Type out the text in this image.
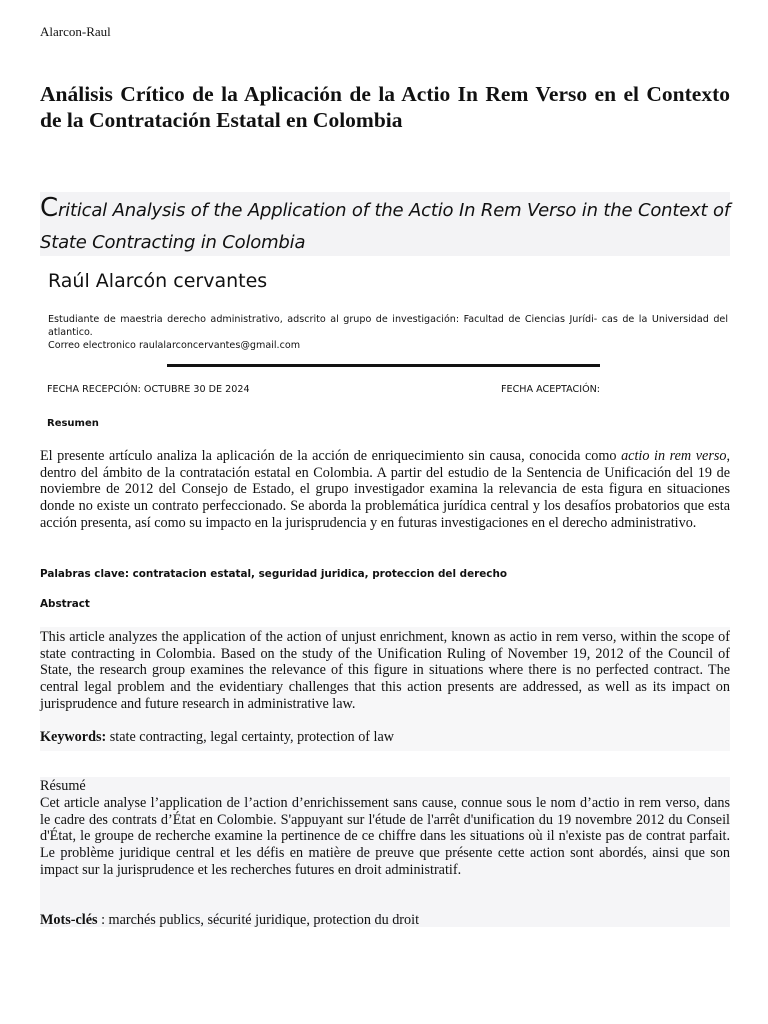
Alarcon-Raul
Análisis Crítico de la Aplicación de la Actio In Rem Verso en el Contexto de la Contratación Estatal en Colombia
Critical Analysis of the Application of the Actio In Rem Verso in the Context of State Contracting in Colombia
Raúl Alarcón cervantes
Estudiante de maestria derecho administrativo, adscrito al grupo de investigación: Facultad de Ciencias Jurídi- cas de la Universidad del atlantico.
Correo electronico raulalarconcervantes@gmail.com
FECHA RECEPCIÓN: OCTUBRE 30 DE 2024	FECHA ACEPTACIÓN:
Resumen
El presente artículo analiza la aplicación de la acción de enriquecimiento sin causa, conocida como actio in rem verso, dentro del ámbito de la contratación estatal en Colombia. A partir del estudio de la Sentencia de Unificación del 19 de noviembre de 2012 del Consejo de Estado, el grupo investigador examina la relevancia de esta figura en situaciones donde no existe un contrato perfeccionado. Se aborda la problemática jurídica central y los desafíos probatorios que esta acción presenta, así como su impacto en la jurisprudencia y en futuras investigaciones en el derecho administrativo.
Palabras clave: contratacion estatal, seguridad juridica, proteccion del derecho
Abstract
This article analyzes the application of the action of unjust enrichment, known as actio in rem verso, within the scope of state contracting in Colombia. Based on the study of the Unification Ruling of November 19, 2012 of the Council of State, the research group examines the relevance of this figure in situations where there is no perfected contract. The central legal problem and the evidentiary challenges that this action presents are addressed, as well as its impact on jurisprudence and future research in administrative law.
Keywords: state contracting, legal certainty, protection of law
Résumé
Cet article analyse l’application de l’action d’enrichissement sans cause, connue sous le nom d’actio in rem verso, dans le cadre des contrats d’État en Colombie. S'appuyant sur l'étude de l'arrêt d'unification du 19 novembre 2012 du Conseil d'État, le groupe de recherche examine la pertinence de ce chiffre dans les situations où il n'existe pas de contrat parfait. Le problème juridique central et les défis en matière de preuve que présente cette action sont abordés, ainsi que son impact sur la jurisprudence et les recherches futures en droit administratif.
Mots-clés : marchés publics, sécurité juridique, protection du droit
